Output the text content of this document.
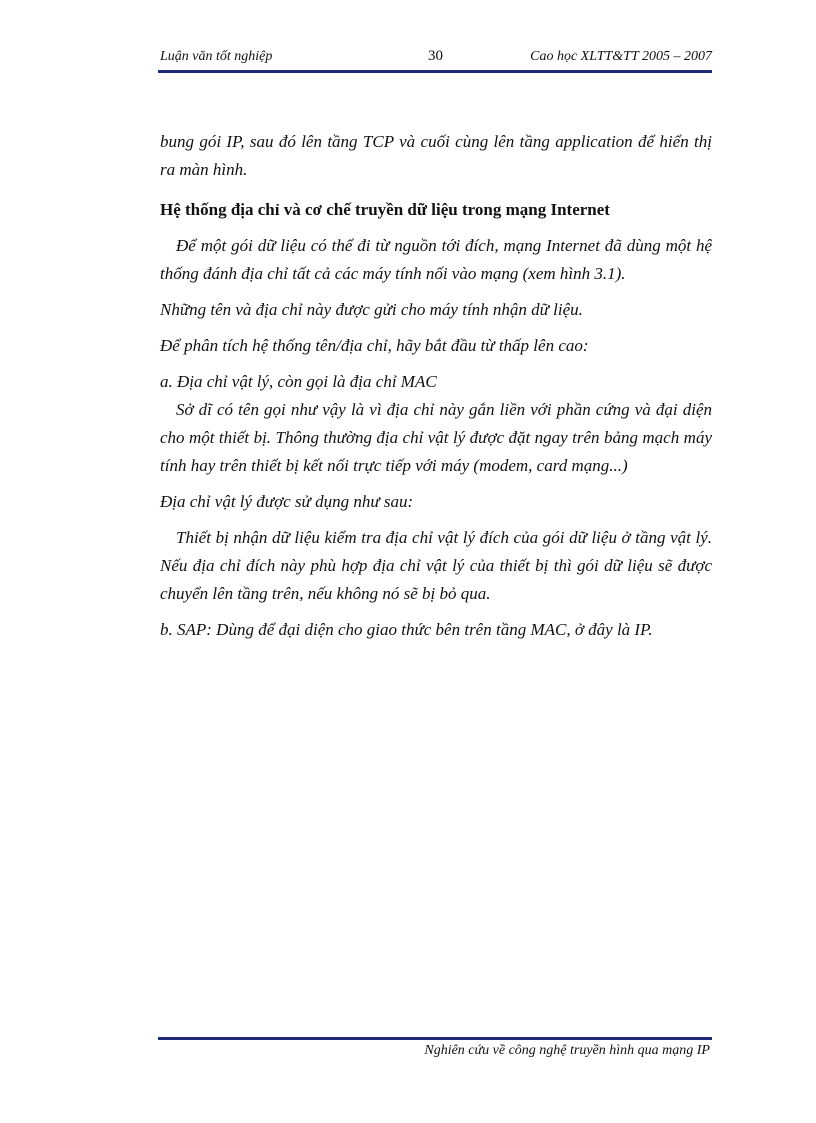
Luận văn tốt nghiệp	30	Cao học XLTT&TT 2005 – 2007

bung gói IP, sau đó lên tầng TCP và cuối cùng lên tầng application để hiển thị ra màn hình.

Hệ thống địa chỉ và cơ chế truyền dữ liệu trong mạng Internet

Để một gói dữ liệu có thể đi từ nguồn tới đích, mạng Internet đã dùng một hệ thống đánh địa chỉ tất cả các máy tính nối vào mạng (xem hình 3.1).

Những tên và địa chỉ này được gửi cho máy tính nhận dữ liệu.

Để phân tích hệ thống tên/địa chỉ, hãy bắt đầu từ thấp lên cao:

a. Địa chỉ vật lý, còn gọi là địa chỉ MAC

Sở dĩ có tên gọi như vậy là vì địa chỉ này gắn liền với phần cứng và đại diện cho một thiết bị. Thông thường địa chỉ vật lý được đặt ngay trên bảng mạch máy tính hay trên thiết bị kết nối trực tiếp với máy (modem, card mạng...)

Địa chỉ vật lý được sử dụng như sau:

Thiết bị nhận dữ liệu kiểm tra địa chỉ vật lý đích của gói dữ liệu ở tầng vật lý. Nếu địa chỉ đích này phù hợp địa chỉ vật lý của thiết bị thì gói dữ liệu sẽ được chuyển lên tầng trên, nếu không nó sẽ bị bỏ qua.

b. SAP: Dùng để đại diện cho giao thức bên trên tầng MAC, ở đây là IP.

Nghiên cứu về công nghệ truyền hình qua mạng IP
